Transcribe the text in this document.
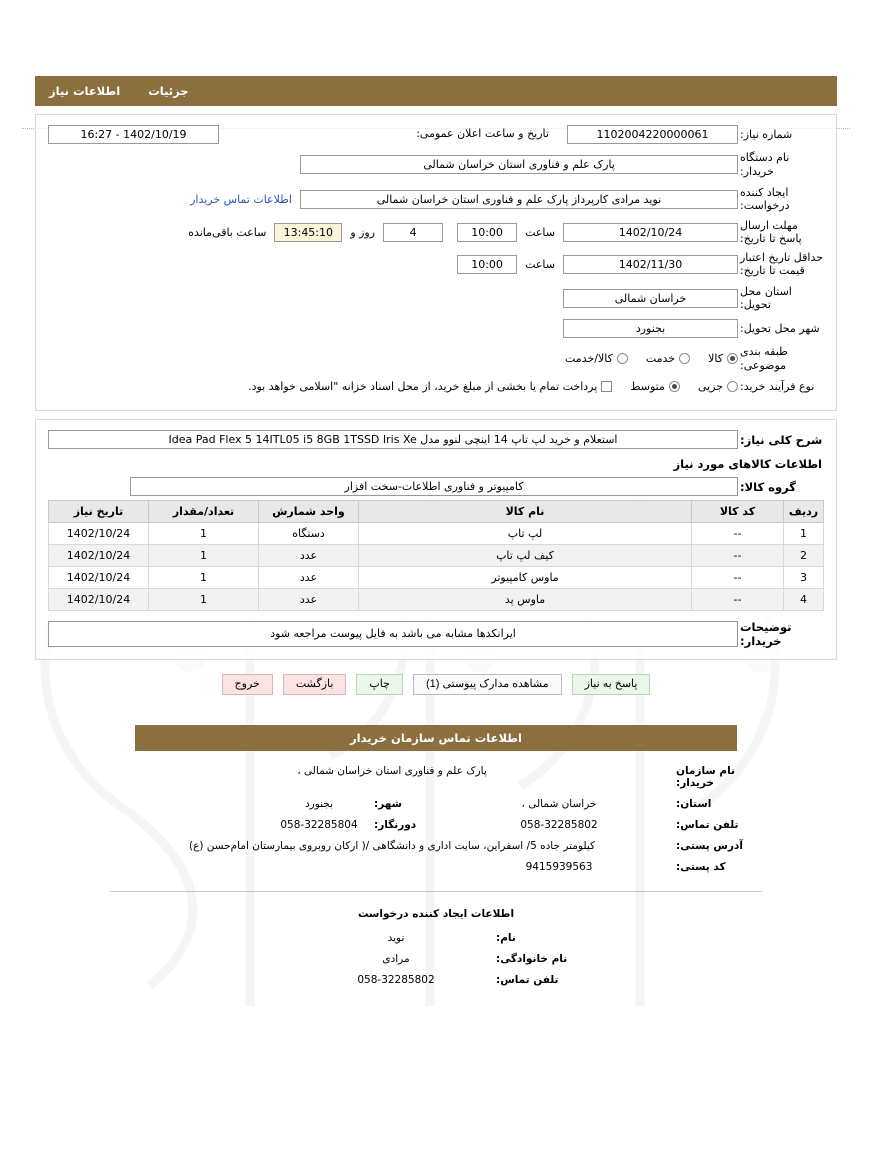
جزئیات
اطلاعات نیاز
شماره نیاز:
1102004220000061
تاریخ و ساعت اعلان عمومی:
1402/10/19 - 16:27
نام دستگاه خریدار:
پارک علم و فناوری استان خراسان شمالی
ایجاد کننده درخواست:
نوید مرادی کارپرداز پارک علم و فناوری استان خراسان شمالی
اطلاعات تماس خریدار
مهلت ارسال پاسخ تا تاریخ:
1402/10/24
ساعت
10:00
4
روز و
13:45:10
ساعت باقی‌مانده
حداقل تاریخ اعتبار قیمت تا تاریخ:
1402/11/30
ساعت
10:00
استان محل تحویل:
خراسان شمالی
شهر محل تحویل:
بجنورد
طبقه بندی موضوعی:
کالا
خدمت
کالا/خدمت
نوع فرآیند خرید:
جزیی
متوسط
پرداخت تمام یا بخشی از مبلغ خرید، از محل اسناد خزانه "اسلامی خواهد بود.
شرح کلی نیاز:
استعلام و خرید لپ تاپ 14 اینچی لنوو مدل Idea Pad Flex 5 14ITL05 i5 8GB 1TSSD Iris Xe
اطلاعات کالاهای مورد نیاز
گروه کالا:
کامپیوتر و فناوری اطلاعات-سخت افزار
ردیف	کد کالا	نام کالا	واحد شمارش	تعداد/مقدار	تاریخ نیاز
1	--	لپ تاپ	دستگاه	1	1402/10/24
2	--	کیف لپ تاپ	عدد	1	1402/10/24
3	--	ماوس کامپیوتر	عدد	1	1402/10/24
4	--	ماوس پد	عدد	1	1402/10/24
توضیحات خریدار:
ایرانکدها مشابه می باشد به فایل پیوست مراجعه شود
پاسخ به نیاز
مشاهده مدارک پیوستی (1)
چاپ
بازگشت
خروج
اطلاعات تماس سازمان خریدار
نام سازمان خریدار:
پارک علم و فناوری استان خراسان شمالی ،
استان:
خراسان شمالی ،
شهر:
بجنورد
تلفن تماس:
058-32285802
دورنگار:
058-32285804
آدرس پستی:
کیلومتر جاده 5/ اسفراین، سایت اداری و دانشگاهی /( ارکان روبروی بیمارستان امام‌حسن (ع)
کد پستی:
9415939563
اطلاعات ایجاد کننده درخواست
نام:
نوید
نام خانوادگی:
مرادی
تلفن تماس:
058-32285802
